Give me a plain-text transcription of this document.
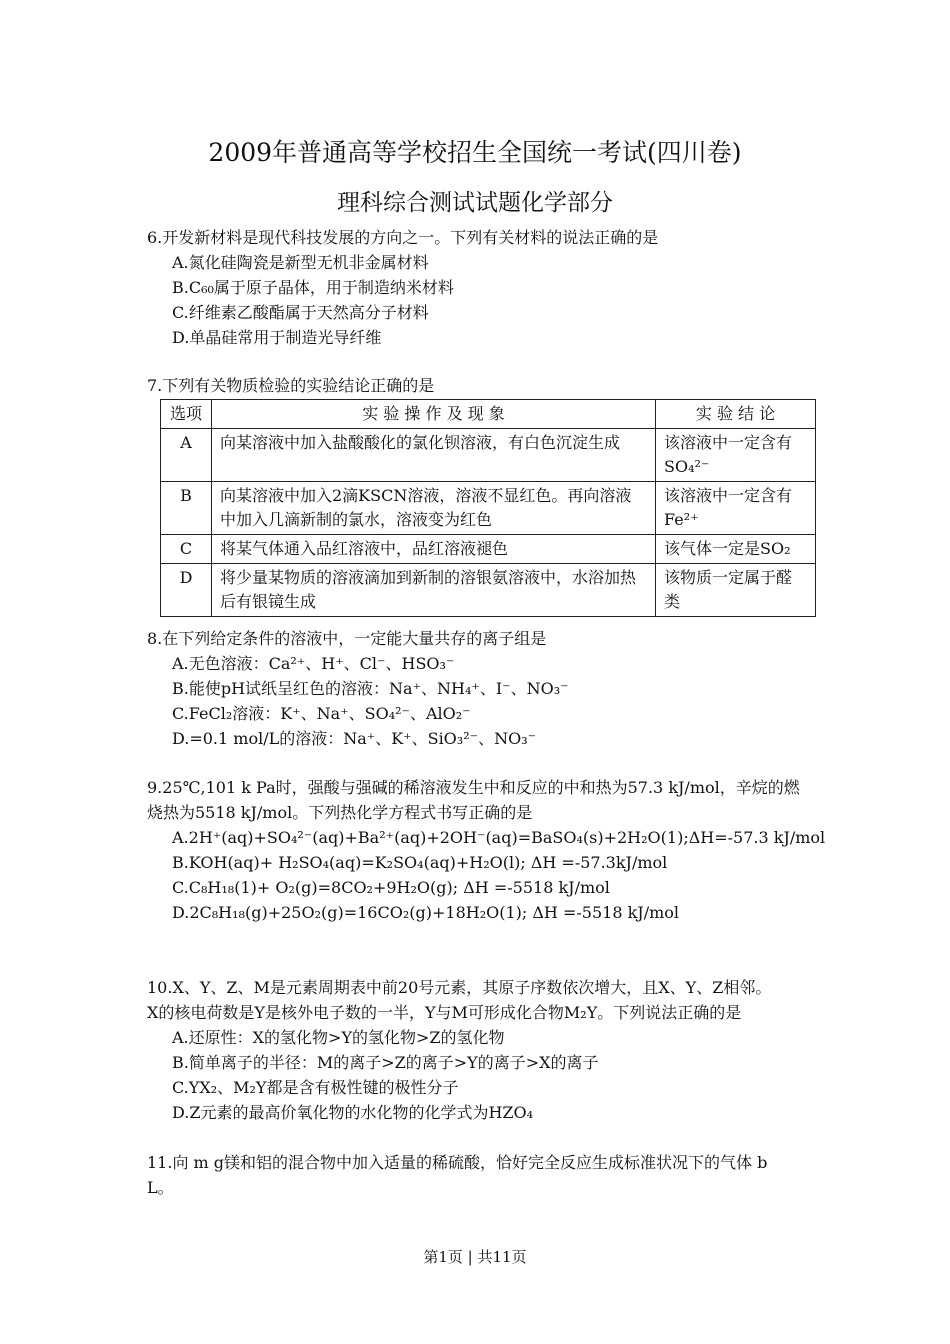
2009年普通高等学校招生全国统一考试(四川卷)
理科综合测试试题化学部分
6.开发新材料是现代科技发展的方向之一。下列有关材料的说法正确的是
A.氮化硅陶瓷是新型无机非金属材料
B.C₆₀属于原子晶体，用于制造纳米材料
C.纤维素乙酸酯属于天然高分子材料
D.单晶硅常用于制造光导纤维
7.下列有关物质检验的实验结论正确的是
选项	实 验 操 作 及 现 象	实 验 结 论
A	向某溶液中加入盐酸酸化的氯化钡溶液，有白色沉淀生成	该溶液中一定含有SO₄²⁻
B	向某溶液中加入2滴KSCN溶液，溶液不显红色。再向溶液中加入几滴新制的氯水，溶液变为红色	该溶液中一定含有Fe²⁺
C	将某气体通入品红溶液中，品红溶液褪色	该气体一定是SO₂
D	将少量某物质的溶液滴加到新制的溶银氨溶液中，水浴加热后有银镜生成	该物质一定属于醛类
8.在下列给定条件的溶液中，一定能大量共存的离子组是
A.无色溶液：Ca²⁺、H⁺、Cl⁻、HSO₃⁻
B.能使pH试纸呈红色的溶液：Na⁺、NH₄⁺、I⁻、NO₃⁻
C.FeCl₂溶液：K⁺、Na⁺、SO₄²⁻、AlO₂⁻
D.=0.1 mol/L的溶液：Na⁺、K⁺、SiO₃²⁻、NO₃⁻
9.25℃,101 k Pa时，强酸与强碱的稀溶液发生中和反应的中和热为57.3 kJ/mol，辛烷的燃
烧热为5518 kJ/mol。下列热化学方程式书写正确的是
A.2H⁺(aq)+SO₄²⁻(aq)+Ba²⁺(aq)+2OH⁻(aq)=BaSO₄(s)+2H₂O(1);ΔH=-57.3 kJ/mol
B.KOH(aq)+ H₂SO₄(aq)=K₂SO₄(aq)+H₂O(l); ΔH =-57.3kJ/mol
C.C₈H₁₈(1)+ O₂(g)=8CO₂+9H₂O(g); ΔH =-5518 kJ/mol
D.2C₈H₁₈(g)+25O₂(g)=16CO₂(g)+18H₂O(1); ΔH =-5518 kJ/mol
10.X、Y、Z、M是元素周期表中前20号元素，其原子序数依次增大，且X、Y、Z相邻。
X的核电荷数是Y是核外电子数的一半，Y与M可形成化合物M₂Y。下列说法正确的是
A.还原性：X的氢化物>Y的氢化物>Z的氢化物
B.简单离子的半径：M的离子>Z的离子>Y的离子>X的离子
C.YX₂、M₂Y都是含有极性键的极性分子
D.Z元素的最高价氧化物的水化物的化学式为HZO₄
11.向 m g镁和铝的混合物中加入适量的稀硫酸，恰好完全反应生成标准状况下的气体 b
L。
第1页 | 共11页
